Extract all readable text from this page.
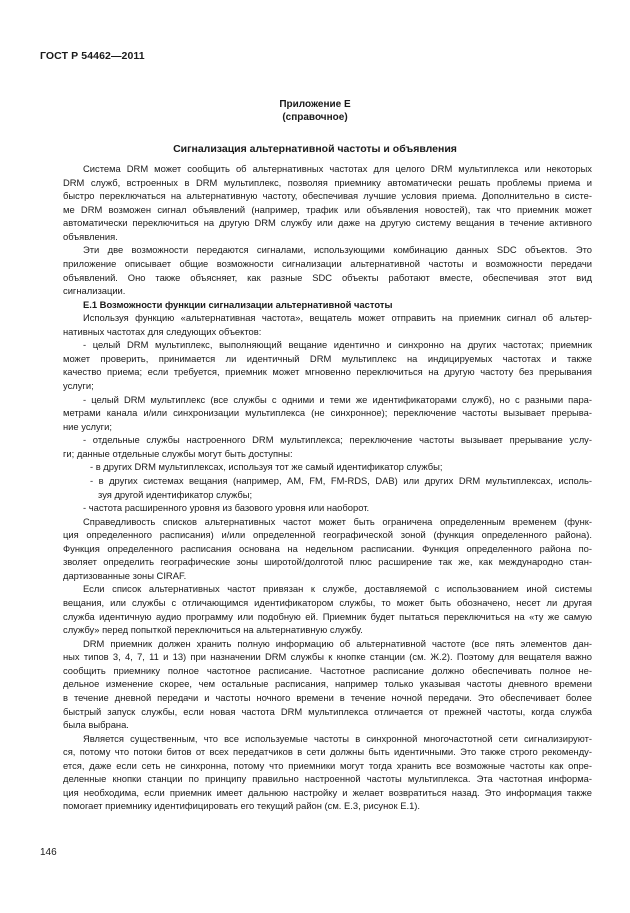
ГОСТ Р 54462—2011
Приложение Е
(справочное)
Сигнализация альтернативной частоты и объявления
Система DRM может сообщить об альтернативных частотах для целого DRM мультиплекса или некоторых
DRM служб, встроенных в DRM мультиплекс, позволяя приемнику автоматически решать проблемы приема и
быстро переключаться на альтернативную частоту, обеспечивая лучшие условия приема. Дополнительно в систе-
ме DRM возможен сигнал объявлений (например, трафик или объявления новостей), так что приемник может
автоматически переключиться на другую DRM службу или даже на другую систему вещания в течение активного
объявления.
Эти две возможности передаются сигналами, использующими комбинацию данных SDC объектов. Это
приложение описывает общие возможности сигнализации альтернативной частоты и возможности передачи
объявлений. Оно также объясняет, как разные SDC объекты работают вместе, обеспечивая этот вид
сигнализации.
Е.1 Возможности функции сигнализации альтернативной частоты
Используя функцию «альтернативная частота», вещатель может отправить на приемник сигнал об альтер-
нативных частотах для следующих объектов:
- целый DRM мультиплекс, выполняющий вещание идентично и синхронно на других частотах; приемник
может проверить, принимается ли идентичный DRM мультиплекс на индицируемых частотах и также
качество приема; если требуется, приемник может мгновенно переключиться на другую частоту без прерывания
услуги;
- целый DRM мультиплекс (все службы с одними и теми же идентификаторами служб), но с разными пара-
метрами канала и/или синхронизации мультиплекса (не синхронное); переключение частоты вызывает прерыва-
ние услуги;
- отдельные службы настроенного DRM мультиплекса; переключение частоты вызывает прерывание услу-
ги; данные отдельные службы могут быть доступны:
- в других DRM мультиплексах, используя тот же самый идентификатор службы;
- в других системах вещания (например, AM, FM, FM-RDS, DAB) или других DRM мультиплексах, исполь-
зуя другой идентификатор службы;
- частота расширенного уровня из базового уровня или наоборот.
Справедливость списков альтернативных частот может быть ограничена определенным временем (функ-
ция определенного расписания) и/или определенной географической зоной (функция определенного района).
Функция определенного расписания основана на недельном расписании. Функция определенного района по-
зволяет определить географические зоны широтой/долготой плюс расширение так же, как международно стан-
дартизованные зоны CIRAF.
Если список альтернативных частот привязан к службе, доставляемой с использованием иной системы
вещания, или службы с отличающимся идентификатором службы, то может быть обозначено, несет ли другая
служба идентичную аудио программу или подобную ей. Приемник будет пытаться переключиться на «ту же самую
службу» перед попыткой переключиться на альтернативную службу.
DRM приемник должен хранить полную информацию об альтернативной частоте (все пять элементов дан-
ных типов 3, 4, 7, 11 и 13) при назначении DRM службы к кнопке станции (см. Ж.2). Поэтому для вещателя важно
сообщить приемнику полное частотное расписание. Частотное расписание должно обеспечивать полное не-
дельное изменение скорее, чем остальные расписания, например только указывая частоты дневного времени
в течение дневной передачи и частоты ночного времени в течение ночной передачи. Это обеспечивает более
быстрый запуск службы, если новая частота DRM мультиплекса отличается от прежней частоты, когда служба
была выбрана.
Является существенным, что все используемые частоты в синхронной многочастотной сети сигнализируют-
ся, потому что потоки битов от всех передатчиков в сети должны быть идентичными. Это также строго рекоменду-
ется, даже если сеть не синхронна, потому что приемники могут тогда хранить все возможные частоты как опре-
деленные кнопки станции по принципу правильно настроенной частоты мультиплекса. Эта частотная информа-
ция необходима, если приемник имеет дальнюю настройку и желает возвратиться назад. Это информация также
помогает приемнику идентифицировать его текущий район (см. Е.3, рисунок Е.1).
146
